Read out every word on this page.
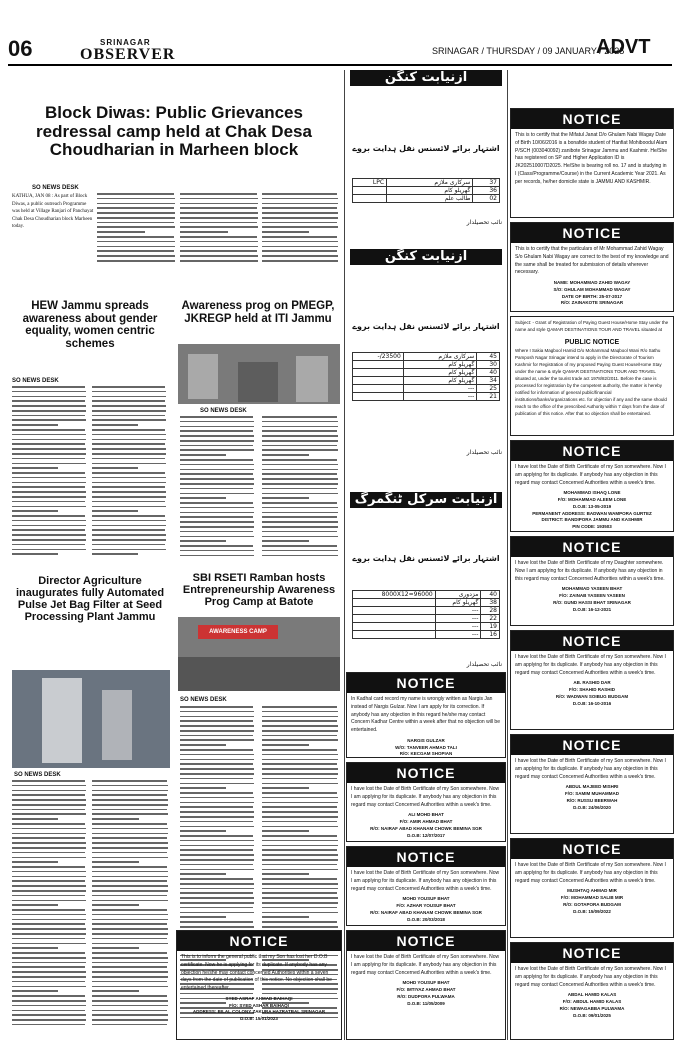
06	SRINAGAR
OBSERVER	SRINAGAR / THURSDAY / 09 JANUARY / 2025
ADVT
Block Diwas: Public Grievances redressal camp held at Chak Desa Choudharian in Marheen block
SO NEWS DESK
KATHUA, JAN 08 : As part of Block Diwas, a public outreach Programme was held at Village Ranjari of Panchayat Chak Desa Choudharian block Marheen today.
HEW Jammu spreads awareness about gender equality, women centric schemes
SO NEWS DESK
Awareness prog on PMEGP, JKREGP held at ITI Jammu
SO NEWS DESK
SBI RSETI Ramban hosts Entrepreneurship Awareness Prog Camp at Batote
AWARENESS CAMP
SO NEWS DESK
Director Agriculture inaugurates fully Automated Pulse Jet Bag Filter at Seed Processing Plant Jammu
SO NEWS DESK
ازنیابت کنگن
اشتہار برائے لائسنس نقل ہدایت بروے
37	سرکاری ملازم	LPC
36	گھریلو کام	
02	طالب علم	
نائب تحصیلدار
ازنیابت کنگن
اشتہار برائے لائسنس نقل ہدایت بروے
45	سرکاری ملازم	23500/-
30	گھریلو کام	
40	گھریلو کام	
34	گھریلو کام	
25	---	
21	---	
نائب تحصیلدار
ازنیابت سرکل ٹنگمرگ
اشتہار برائے لائسنس نقل ہدایت بروے
40	مزدوری	8000X12=96000
38	گھریلو کام	
28	---	
22	---	
19	---	
16	---	
نائب تحصیلدار
NOTICE
This is to certify that the Mifatul Janat D/o Ghulam Nabi Wagay Date of Birth 10/06/2016 is a bonafide student of Hanfiat Mohiboodul Alam P/SCH (003040092) zanibote Srinagar Jammu and Kashmir. He/She has registered on SP and Higher Application ID is JK202510007D2025. He/She is bearing roll no. 17 and is studying in I (Class/Programme/Course) in the Current Academic Year 2021. As per records, he/her domicile state is JAMMU AND KASHMIR.
NOTICE
This is to certify that the particulars of Mr Mohammad Zahid Wagay S/o Ghulam Nabi Wagay are correct to the best of my knowledge and the same shall be treated for submission of details wherever necessary.
NAME: MOHAMMAD ZAHID WAGAY
S/O: GHULAM MOHAMMAD WAGAY
DATE OF BIRTH: 25-07-2017
R/O: ZAINAKOTE SRINAGAR
Subject: - Grant of Registration of Paying Guest House/Home Stay under the name and style QAMAR DESTINATIONS TOUR AND TRAVEL situated at
PUBLIC NOTICE
Where I Sakia Magbool Hamid D/o Mohammad Maqbool Wani R/o Sathu Pamposh Nagar Srinagar intend to apply in the Directorate of Tourism Kashmir for Registration of my proposed Paying Guest House/Home Stay under the name & style QAMAR DESTINATIONS TOUR AND TRAVEL situated at, under the tourist trade act 1978/82/2011. Before the case is processed for registration by the competent authority, the matter is hereby notified for information of general public/financial institutions/banks/organizations etc. for objection if any and the same should reach to the office of the prescribed Authority within 7 days from the date of publication of this notice. After that no objection shall be entertained.
NOTICE
I have lost the Date of Birth Certificate of my Son somewhere. Now I am applying for its duplicate. If anybody has any objection in this regard may contact Concerned Authorities within a week's time.
MOHAMMAD ISHAQ LONE
F/O: MOHAMMAD ALEEM LONE
D.O.B: 13-05-2019
PERMANENT ADDRESS: BADWAN WAMPORA GURTEZ
DISTRICT: BANDIPORA JAMMU AND KASHMIR
PIN CODE: 193503
NOTICE
I have lost the Date of Birth Certificate of my Daughter somewhere. Now I am applying for its duplicate. If anybody has any objection in this regard may contact Concerned Authorities within a week's time.
MOHAMMAD YASEEN BHAT
F/O: ZAINAB YASEEN YASEEN
R/O: GUND HASSI BHAT SRINAGAR
D.O.B: 16-12-2021
NOTICE
In Kadhal card record my name is wrongly written as Nargis Jan instead of Nargis Gulzar. Now I am apply for its correction. If anybody has any objection in this regard he/she may contact Concern Kadhar Centre within a week after that no objection will be entertained.
NARGIS GULZAR
W/O: TANVEER AHMAD TALI
R/O: KECGAM SHOPIAN
NOTICE
I have lost the Date of Birth Certificate of my Son somewhere. Now I am applying for its duplicate. If anybody has any objection in this regard may contact Concerned Authorities within a week's time.
AB. RASHID DAR
F/O: SHAHID RASHID
R/O: WADWAN SOIBUG BUDGAM
D.O.B: 16-10-2016
NOTICE
I have lost the Date of Birth Certificate of my Son somewhere. Now I am applying for its duplicate. If anybody has any objection in this regard may contact Concerned Authorities within a week's time.
ALI MOHD BHAT
F/O: AMIR AHMAD BHAT
R/O: NAIRAF ABAD KHANAM CHOWK BEMINA SGR
D.O.B: 12/07/2017
NOTICE
I have lost the Date of Birth Certificate of my Son somewhere. Now I am applying for its duplicate. If anybody has any objection in this regard may contact Concerned Authorities within a week's time.
ABDUL MAJEED MISHRI
F/O: SAMIM MUHAMMAD
R/O: RUSSU BEERWAH
D.O.B: 24/06/2020
NOTICE
I have lost the Date of Birth Certificate of my Son somewhere. Now I am applying for its duplicate. If anybody has any objection in this regard may contact Concerned Authorities within a week's time.
MOHD YOUSUF BHAT
F/O: AZHAR YOUSUF BHAT
R/O: NAIRAF ABAD KHANAM CHOWK BEMINA SGR
D.O.B: 20/03/2018
NOTICE
I have lost the Date of Birth Certificate of my Son somewhere. Now I am applying for its duplicate. If anybody has any objection in this regard may contact Concerned Authorities within a week's time.
MUSHTAQ AHMAD MIR
F/O: MOHAMMAD SALIB MIR
R/O: GOTAPORA BUDGAM
D.O.B: 15/09/2022
NOTICE
I have lost the Date of Birth Certificate of my Son somewhere. Now I am applying for its duplicate. If anybody has any objection in this regard may contact Concerned Authorities within a week's time.
MOHD YOUSUF BHAT
F/O: IMTIYAZ AHMAD BHAT
R/O: DUDPORA PULWAMA
D.O.B: 11/05/2009
NOTICE
I have lost the Date of Birth Certificate of my Son somewhere. Now I am applying for its duplicate. If anybody has any objection in this regard may contact Concerned Authorities within a week's time.
ABDAL HAMID KALAS
F/O: ABDUL HAMID KALAS
R/O: NEWAGABBA PULWAMA
D.O.B: 09/01/2025
NOTICE
This is to inform the general public that my Son has lost her D.O.B certificate. Now he is applying for its duplicate. If anybody has any objection he/she may contact concerned Authorities within a seven days from the date of publication of this notice. No objection shall be entertained thereafter.
SYED ASRAF AHMAD BAIHAQI
F/O: SYED ASHAR BAIHAQI
ADDRESS: BILAL COLONY ZAKURA HAZRATBAL SRINAGAR
D.O.B: 15/01/2023
